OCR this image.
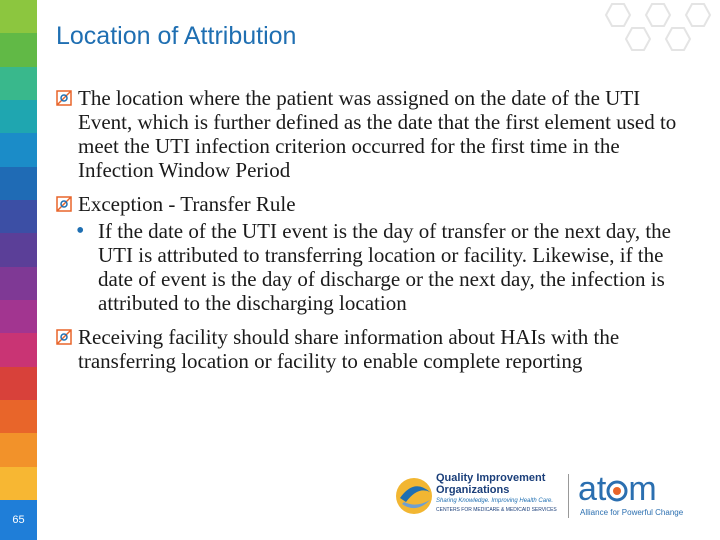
Location of Attribution
The location where the patient was assigned on the date of the UTI Event, which is further defined as the date that the first element used to meet the UTI infection criterion occurred for the first time in the Infection Window Period
Exception - Transfer Rule
• If the date of the UTI event is the day of transfer or the next day, the UTI is attributed to transferring location or facility. Likewise, if the date of event is the day of discharge or the next day, the infection is attributed to the discharging location
Receiving facility should share information about HAIs with the transferring location or facility to enable complete reporting
Quality Improvement
Organizations
Sharing Knowledge. Improving Health Care.
CENTERS FOR MEDICARE & MEDICAID SERVICES
at m
Alliance for Powerful Change
65
